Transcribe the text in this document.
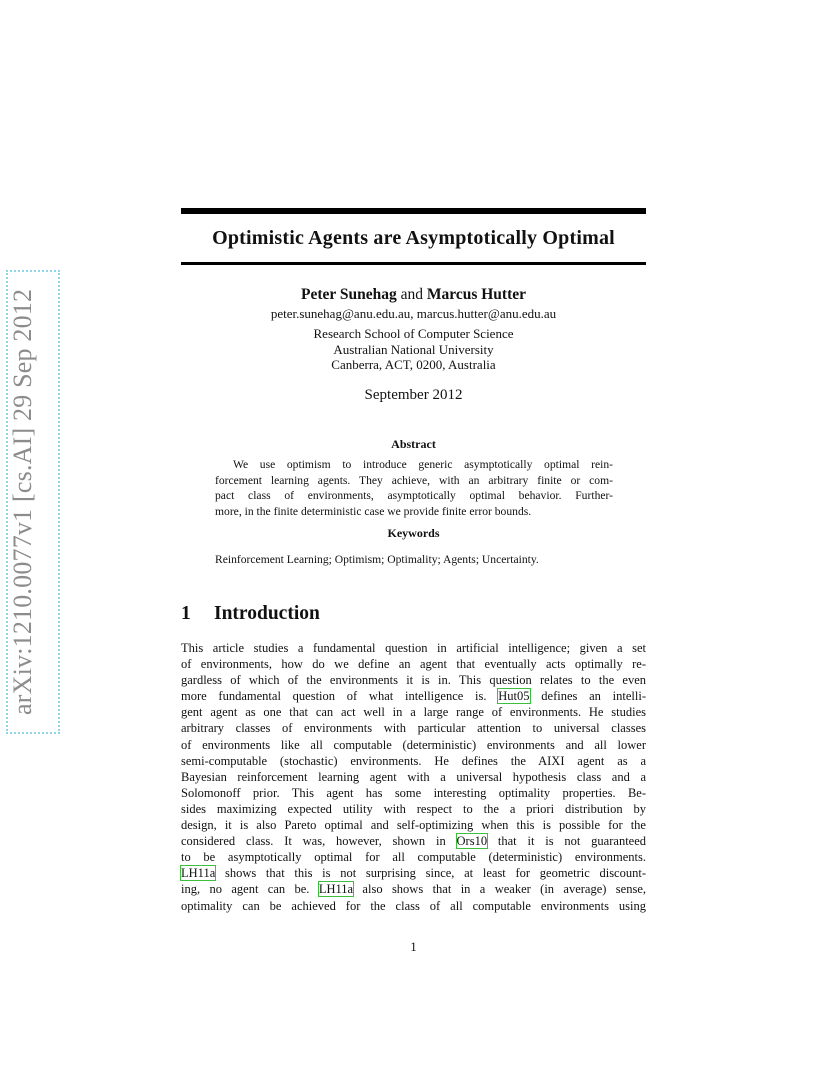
arXiv:1210.0077v1 [cs.AI] 29 Sep 2012
Optimistic Agents are Asymptotically Optimal
Peter Sunehag and Marcus Hutter
peter.sunehag@anu.edu.au, marcus.hutter@anu.edu.au
Research School of Computer Science
Australian National University
Canberra, ACT, 0200, Australia
September 2012
Abstract
We use optimism to introduce generic asymptotically optimal rein-
forcement learning agents. They achieve, with an arbitrary finite or com-
pact class of environments, asymptotically optimal behavior. Further-
more, in the finite deterministic case we provide finite error bounds.
Keywords
Reinforcement Learning; Optimism; Optimality; Agents; Uncertainty.
1 Introduction
This article studies a fundamental question in artificial intelligence; given a set
of environments, how do we define an agent that eventually acts optimally re-
gardless of which of the environments it is in. This question relates to the even
more fundamental question of what intelligence is. Hut05 defines an intelli-
gent agent as one that can act well in a large range of environments. He studies
arbitrary classes of environments with particular attention to universal classes
of environments like all computable (deterministic) environments and all lower
semi-computable (stochastic) environments. He defines the AIXI agent as a
Bayesian reinforcement learning agent with a universal hypothesis class and a
Solomonoff prior. This agent has some interesting optimality properties. Be-
sides maximizing expected utility with respect to the a priori distribution by
design, it is also Pareto optimal and self-optimizing when this is possible for the
considered class. It was, however, shown in Ors10 that it is not guaranteed
to be asymptotically optimal for all computable (deterministic) environments.
LH11a shows that this is not surprising since, at least for geometric discount-
ing, no agent can be. LH11a also shows that in a weaker (in average) sense,
optimality can be achieved for the class of all computable environments using
1
